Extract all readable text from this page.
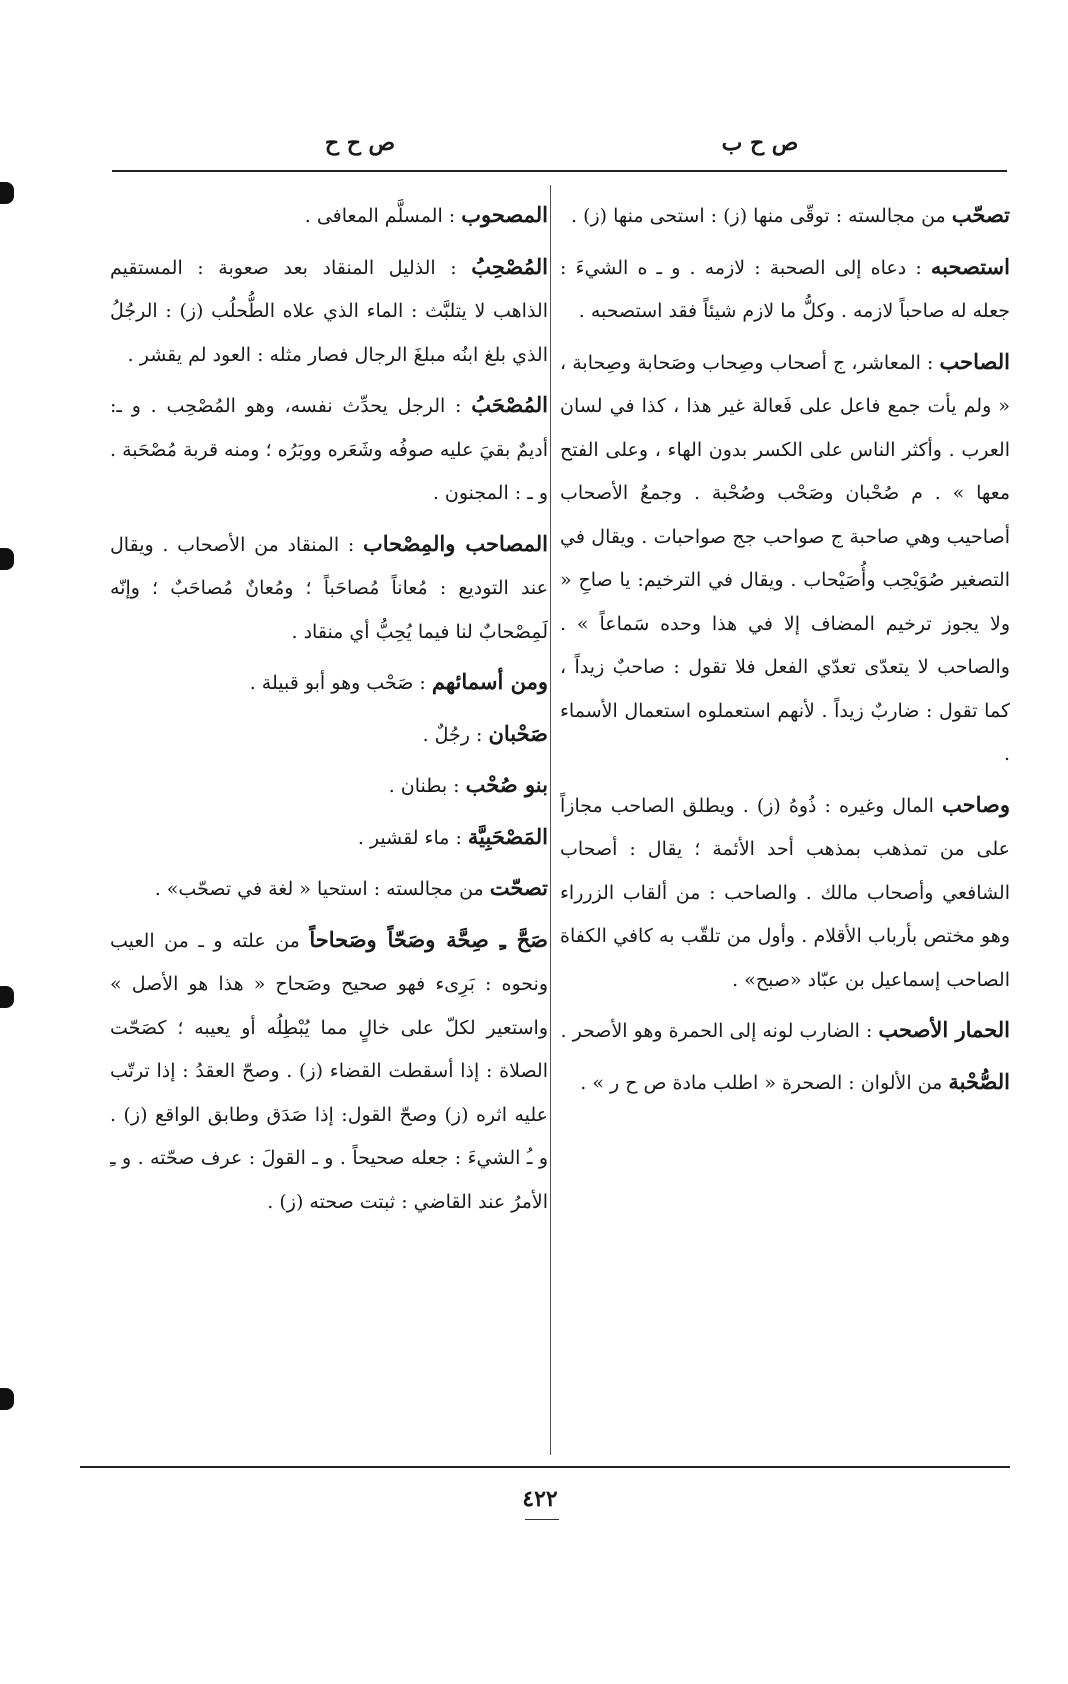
ص ح ب
ص ح ح

تصحّب من مجالسته : توقّى منها (ز) : استحى منها (ز) .

استصحبه : دعاه إلى الصحبة : لازمه . و ـ ه الشيءَ : جعله له صاحباً لازمه . وكلُّ ما لازم شيئاً فقد استصحبه .

الصاحب : المعاشر، ج أصحاب وصِحاب وصَحابة وصِحابة ، « ولم يأت جمع فاعل على فَعالة غير هذا ، كذا في لسان العرب . وأكثر الناس على الكسر بدون الهاء ، وعلى الفتح معها » . م صُحْبان وصَحْب وصُحْبة . وجمعُ الأصحاب أصاحيب وهي صاحبة ج صواحب جج صواحبات . ويقال في التصغير صُوَيْحِب وأُصَيْحاب . ويقال في الترخيم: يا صاحِ « ولا يجوز ترخيم المضاف إلا في هذا وحده سَماعاً » . والصاحب لا يتعدّى تعدّي الفعل فلا تقول : صاحبٌ زيداً ، كما تقول : ضاربٌ زيداً . لأنهم استعملوه استعمال الأسماء .

وصاحب المال وغيره : ذُوهُ (ز) . ويطلق الصاحب مجازاً على من تمذهب بمذهب أحد الأئمة ؛ يقال : أصحاب الشافعي وأصحاب مالك . والصاحب : من ألقاب الزرراء وهو مختص بأرباب الأقلام . وأول من تلقّب به كافي الكفاة الصاحب إسماعيل بن عبّاد «صبح» .

الحمار الأصحب : الضارب لونه إلى الحمرة وهو الأصحر .

الصُّحْبة من الألوان : الصحرة « اطلب مادة ص ح ر » .

المصحوب : المسلَّم المعافى .

المُصْحِبُ : الذليل المنقاد بعد صعوبة : المستقيم الذاهب لا يتلبَّث : الماء الذي علاه الطُّحلُب (ز) : الرجُلُ الذي بلغ ابنُه مبلغَ الرجال فصار مثله : العود لم يقشر .

المُصْحَبُ : الرجل يحدِّث نفسه، وهو المُصْحِب . و ـ: أديمٌ بقيَ عليه صوفُه وشَعَره ووبَرُه ؛ ومنه قربة مُصْحَبة . و ـ : المجنون .

المصاحب والمِصْحاب : المنقاد من الأصحاب . ويقال عند التوديع : مُعاناً مُصاحَباً ؛ ومُعانٌ مُصاحَبٌ ؛ وإنّه لَمِصْحابٌ لنا فيما يُحِبُّ أي منقاد .

ومن أسمائهم : صَحْب وهو أبو قبيلة .

صَحْبان : رجُلٌ .

بنو صُحْب : بطنان .

المَصْحَبِيَّة : ماء لقشير .

تصحّت من مجالسته : استحيا « لغة في تصحّب» .

صَحَّ ـِ صِحَّة وصَحّاً وصَحاحاً من علته و ـ من العيب ونحوه : بَرِىء فهو صحيح وصَحاح « هذا هو الأصل » واستعير لكلّ على خالٍ مما يُبْطِلُه أو يعيبه ؛ كصَحّت الصلاة : إذا أسقطت القضاء (ز) . وصحّ العقدُ : إذا ترتّب عليه اثره (ز) وصحّ القول: إذا صَدَق وطابق الواقع (ز) . و ـُ الشيءَ : جعله صحيحاً . و ـ القولَ : عرف صحّته . و ـِ الأمرُ عند القاضي : ثبتت صحته (ز) .

٤٢٢
